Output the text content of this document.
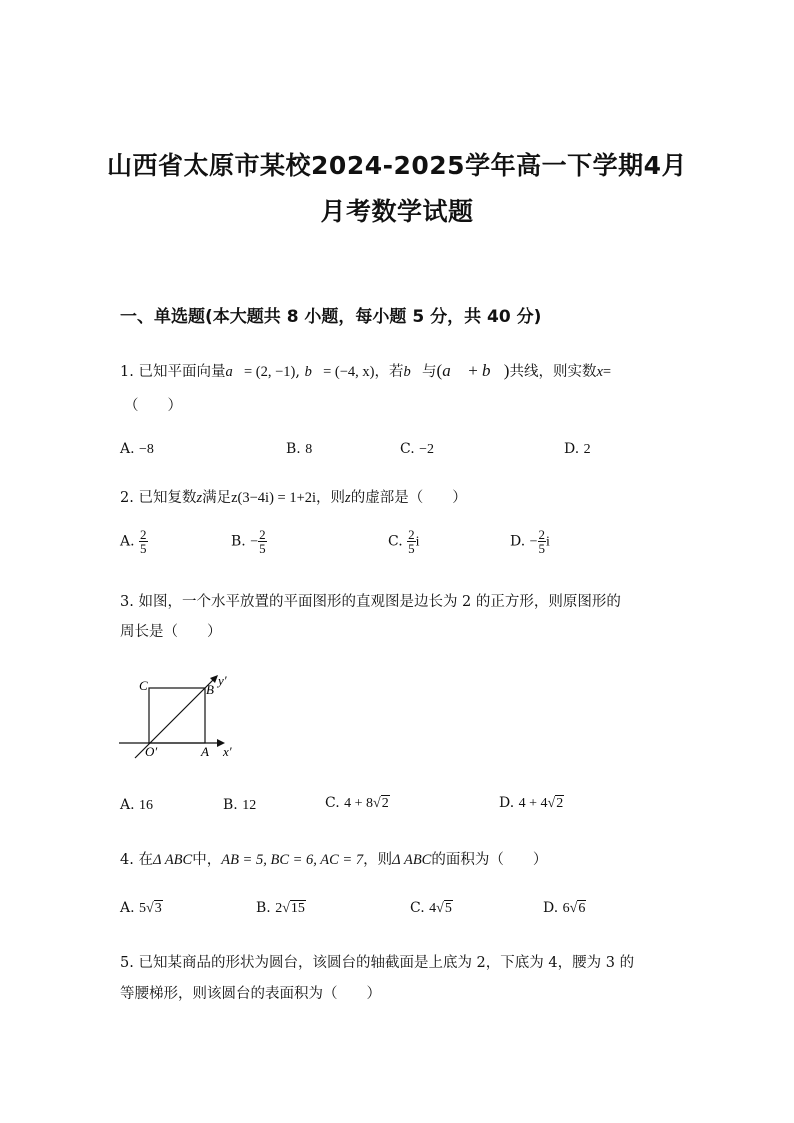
山西省太原市某校2024-2025学年高一下学期4月
月考数学试题
一、单选题(本大题共 8 小题，每小题 5 分，共 40 分)
1. 已知平面向量a⃗= (2, −1), b⃗= (−4, x)，若b⃗与(a⃗ + b⃗)共线，则实数x=
（　　）
A. −8	B. 8	C. −2	D. 2
2. 已知复数z满足z(3−4i) = 1+2i，则z的虚部是（　　）
A. $\frac{2}{5}$	B. − $\frac{2}{5}$	C. $\frac{2}{5}$ i	D. − $\frac{2}{5}$ i
3. 如图，一个水平放置的平面图形的直观图是边长为 2 的正方形，则原图形的
周长是（　　）
C	B
y′
O′	A x′
A. 16	B. 12	C. 4 + 8√2	D. 4 + 4√2
4. 在Δ ABC中，AB = 5, BC = 6, AC = 7，则Δ ABC的面积为（　　）
A. 5√3	B. 2√15	C. 4√5	D. 6√6
5. 已知某商品的形状为圆台，该圆台的轴截面是上底为 2，下底为 4，腰为 3 的
等腰梯形，则该圆台的表面积为（　　）
